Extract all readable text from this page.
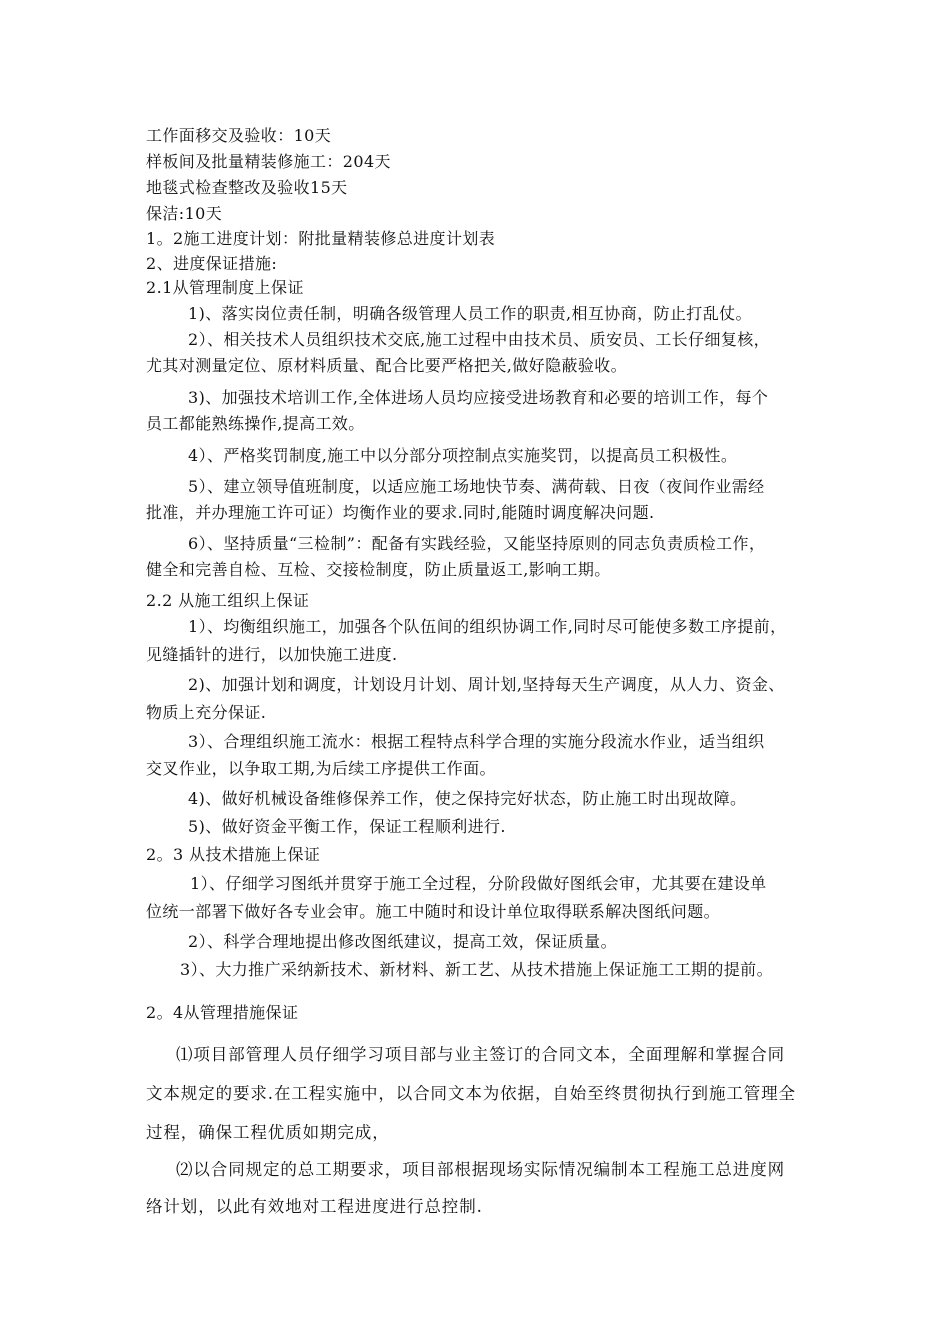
工作面移交及验收：10天
样板间及批量精装修施工：204天
地毯式检查整改及验收15天
保洁:10天
1。2施工进度计划：附批量精装修总进度计划表
2、进度保证措施:
2.1从管理制度上保证
1)、落实岗位责任制，明确各级管理人员工作的职责,相互协商，防止打乱仗。
2）、相关技术人员组织技术交底,施工过程中由技术员、质安员、工长仔细复核，
尤其对测量定位、原材料质量、配合比要严格把关,做好隐蔽验收。
3)、加强技术培训工作,全体进场人员均应接受进场教育和必要的培训工作，每个
员工都能熟练操作,提高工效。
4）、严格奖罚制度,施工中以分部分项控制点实施奖罚，以提高员工积极性。
5）、建立领导值班制度，以适应施工场地快节奏、满荷载、日夜（夜间作业需经
批准，并办理施工许可证）均衡作业的要求.同时,能随时调度解决问题.
6）、坚持质量“三检制”：配备有实践经验，又能坚持原则的同志负责质检工作，
健全和完善自检、互检、交接检制度，防止质量返工,影响工期。
2.2 从施工组织上保证
1）、均衡组织施工，加强各个队伍间的组织协调工作,同时尽可能使多数工序提前，
见缝插针的进行，以加快施工进度.
2)、加强计划和调度，计划设月计划、周计划,坚持每天生产调度，从人力、资金、
物质上充分保证.
3）、合理组织施工流水：根据工程特点科学合理的实施分段流水作业，适当组织
交叉作业，以争取工期,为后续工序提供工作面。
4)、做好机械设备维修保养工作，使之保持完好状态，防止施工时出现故障。
5)、做好资金平衡工作，保证工程顺利进行.
2。3 从技术措施上保证
1）、仔细学习图纸并贯穿于施工全过程，分阶段做好图纸会审，尤其要在建设单
位统一部署下做好各专业会审。施工中随时和设计单位取得联系解决图纸问题。
2）、科学合理地提出修改图纸建议，提高工效，保证质量。
3）、大力推广采纳新技术、新材料、新工艺、从技术措施上保证施工工期的提前。
2。4从管理措施保证
⑴项目部管理人员仔细学习项目部与业主签订的合同文本，全面理解和掌握合同
文本规定的要求.在工程实施中，以合同文本为依据，自始至终贯彻执行到施工管理全
过程，确保工程优质如期完成，
⑵以合同规定的总工期要求，项目部根据现场实际情况编制本工程施工总进度网
络计划，以此有效地对工程进度进行总控制.
